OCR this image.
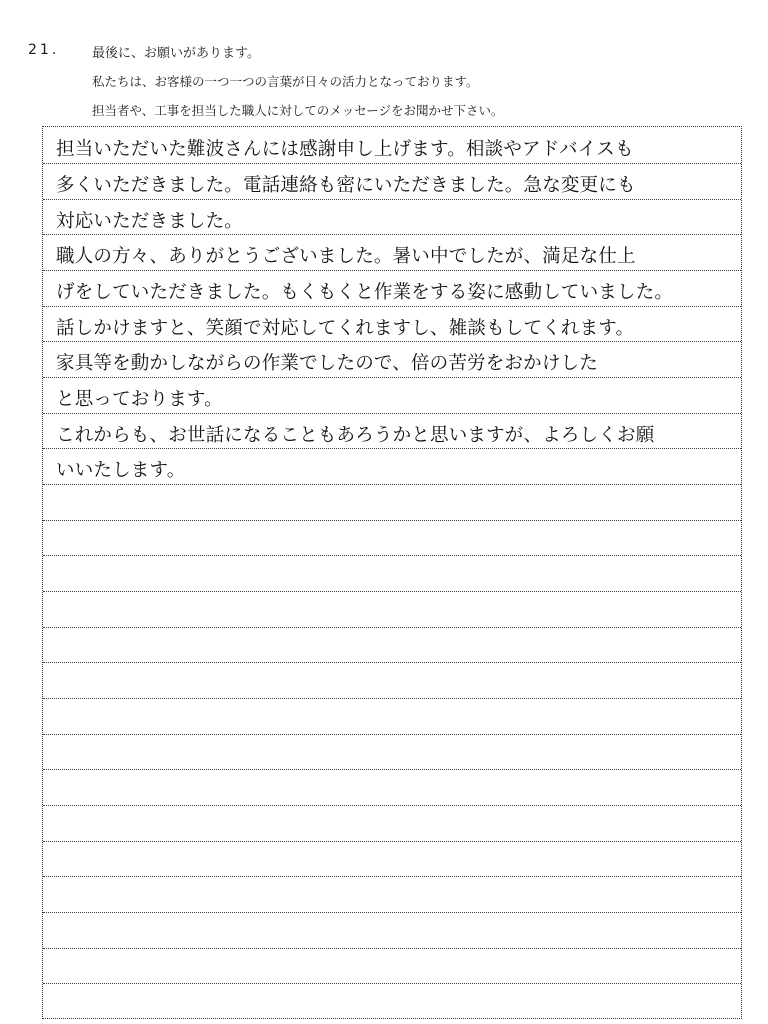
21.	最後に、お願いがあります。
私たちは、お客様の一つ一つの言葉が日々の活力となっております。
担当者や、工事を担当した職人に対してのメッセージをお聞かせ下さい。
担当いただいた難波さんには感謝申し上げます。相談やアドバイスも
多くいただきました。電話連絡も密にいただきました。急な変更にも
対応いただきました。
職人の方々、ありがとうございました。暑い中でしたが、満足な仕上
げをしていただきました。もくもくと作業をする姿に感動していました。
話しかけますと、笑顔で対応してくれますし、雑談もしてくれます。
家具等を動かしながらの作業でしたので、倍の苦労をおかけした
と思っております。
これからも、お世話になることもあろうかと思いますが、よろしくお願
いいたします。
